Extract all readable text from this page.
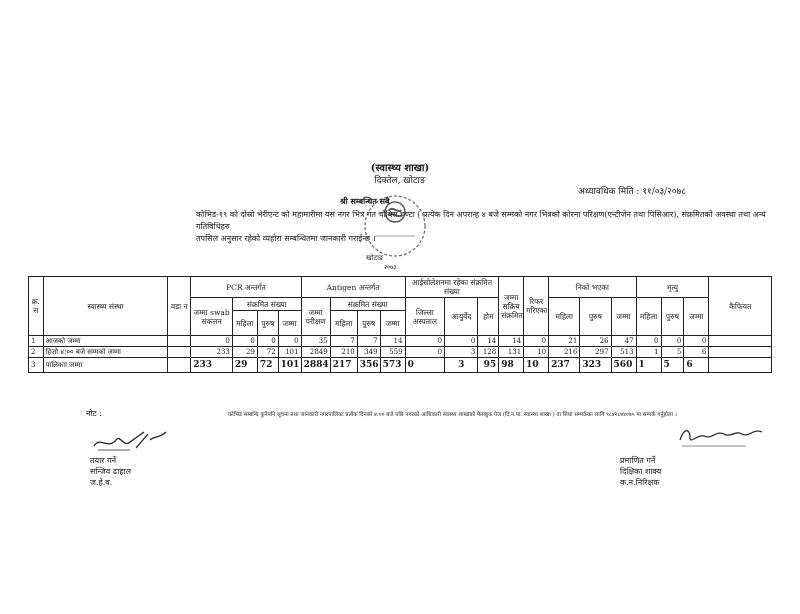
(स्वास्थ्य शाखा)
दिक्तेल, खोटाङ
अध्यावधिक मिति : ११/०३/२०७८
श्री सम्बन्धित सबै
कोभिड-१९ को दोस्रो भेरीएन्ट को महामारीमा यस नगर भित्र गत चौबिस घण्टा ( प्रत्येक दिन अपरान्ह ४ बजे सम्मको नगर भित्रको कोरना परिक्षण(एन्टीजेन तथा पिसिआर), संक्रमितको अवस्था तथा अन्य गतिविधिहरु
तपसिल अनुसार रहेको व्यहोरा सम्बन्धितमा जानकारी गराईन्छ ।
खोटाङ
२०७३
क्र. स	स्वास्थ्य संस्था	वडा न	PCR अन्तर्गत				Antigen अन्तर्गत				आईसोलेशनमा रहेका संक्रमित संख्या			जम्मा सक्रिय संक्रमित	रिफर गरिएका	निको भएका			मृत्यु			कैफियत
			जम्मा swab संकलन	संक्रमित संख्या			जम्मा परीक्षण	संक्रमित संख्या			जिल्ला अस्पताल	आयुर्वेद	होम			महिला	पुरुष	जम्मा	महिला	पुरुष	जम्मा	
				महिला	पुरुष	जम्मा		महिला	पुरुष	जम्मा												
1	आजको जम्मा		0	0	0	0	35	7	7	14	0	0	14	14	0	21	26	47	0	0	0	
2	हिजो ४:०० बजे सम्मको जम्मा		233	29	72	101	2849	210	349	559	0	3	128	131	10	216	297	513	1	5	6	
3	पालिकाा जम्मा		233	29	72	101	2884	217	356	573	0	3	95	98	10	237	323	560	1	5	6	
नोट :	कोभिड सम्बन्धि कुनैपनि सूचना तथा जानकारी नगरपालिका प्रत्येक दिनको ४:०० बजे पछि नगरको आधिकारी स्वास्थ्य शाखाको फेसबुक पेज (दि.न.पा. स्वास्थ्य शाखा ) वा सिधा सम्पर्कका लागि ९८४२८४४०७५ मा सम्पर्क गर्नुहोला ।
तयार गर्ने
सन्जिव ढाहाल
ज.हे.व.
प्रमाणित गर्ने
दिक्षिका शाक्य
क.न.निरिक्षक
